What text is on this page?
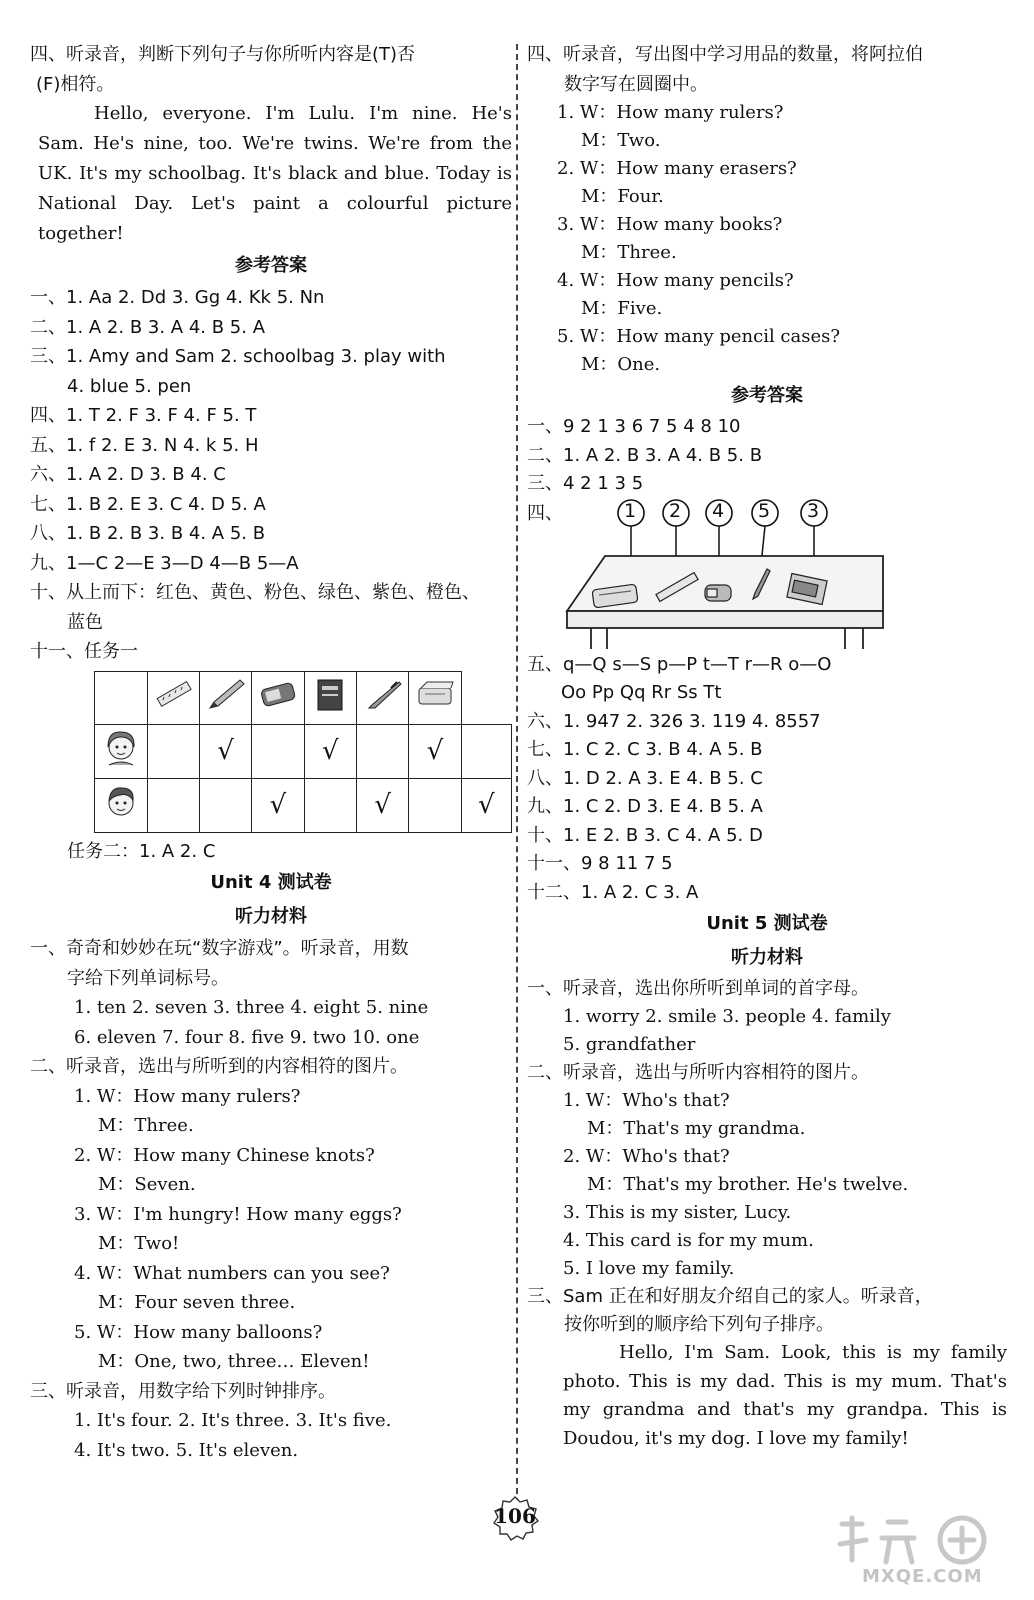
四、听录音，判断下列句子与你所听内容是(T)否
(F)相符。
Hello, everyone. I'm Lulu. I'm nine. He's Sam. He's nine, too. We're twins. We're from the UK. It's my schoolbag. It's black and blue. Today is National Day. Let's paint a colourful picture together!
参考答案
一、1. Aa 2. Dd 3. Gg 4. Kk 5. Nn
二、1. A 2. B 3. A 4. B 5. A
三、1. Amy and Sam 2. schoolbag 3. play with
4. blue 5. pen
四、1. T 2. F 3. F 4. F 5. T
五、1. f 2. E 3. N 4. k 5. H
六、1. A 2. D 3. B 4. C
七、1. B 2. E 3. C 4. D 5. A
八、1. B 2. B 3. B 4. A 5. B
九、1—C 2—E 3—D 4—B 5—A
十、从上而下：红色、黄色、粉色、绿色、紫色、橙色、
蓝色
十一、任务一

		√		√		√	
			√		√		√
任务二：1. A 2. C
Unit 4 测试卷
听力材料
一、奇奇和妙妙在玩“数字游戏”。听录音，用数
字给下列单词标号。
1. ten 2. seven 3. three 4. eight 5. nine
6. eleven 7. four 8. five 9. two 10. one
二、听录音，选出与所听到的内容相符的图片。
1. W：How many rulers?
M：Three.
2. W：How many Chinese knots?
M：Seven.
3. W：I'm hungry! How many eggs?
M：Two!
4. W：What numbers can you see?
M：Four seven three.
5. W：How many balloons?
M：One, two, three… Eleven!
三、听录音，用数字给下列时钟排序。
1. It's four. 2. It's three. 3. It's five.
4. It's two. 5. It's eleven.
四、听录音，写出图中学习用品的数量，将阿拉伯
数字写在圆圈中。
1. W：How many rulers?
M：Two.
2. W：How many erasers?
M：Four.
3. W：How many books?
M：Three.
4. W：How many pencils?
M：Five.
5. W：How many pencil cases?
M：One.
参考答案
一、9 2 1 3 6 7 5 4 8 10
二、1. A 2. B 3. A 4. B 5. B
三、4 2 1 3 5
四、	1 2 4 5 3
五、q—Q s—S p—P t—T r—R o—O
Oo Pp Qq Rr Ss Tt
六、1. 947 2. 326 3. 119 4. 8557
七、1. C 2. C 3. B 4. A 5. B
八、1. D 2. A 3. E 4. B 5. C
九、1. C 2. D 3. E 4. B 5. A
十、1. E 2. B 3. C 4. A 5. D
十一、9 8 11 7 5
十二、1. A 2. C 3. A
Unit 5 测试卷
听力材料
一、听录音，选出你所听到单词的首字母。
1. worry 2. smile 3. people 4. family
5. grandfather
二、听录音，选出与所听内容相符的图片。
1. W：Who's that?
M：That's my grandma.
2. W：Who's that?
M：That's my brother. He's twelve.
3. This is my sister, Lucy.
4. This card is for my mum.
5. I love my family.
三、Sam 正在和好朋友介绍自己的家人。听录音，
按你听到的顺序给下列句子排序。
Hello, I'm Sam. Look, this is my family photo. This is my dad. This is my mum. That's my grandma and that's my grandpa. This is Doudou, it's my dog. I love my family!
106
MXQE.COM
